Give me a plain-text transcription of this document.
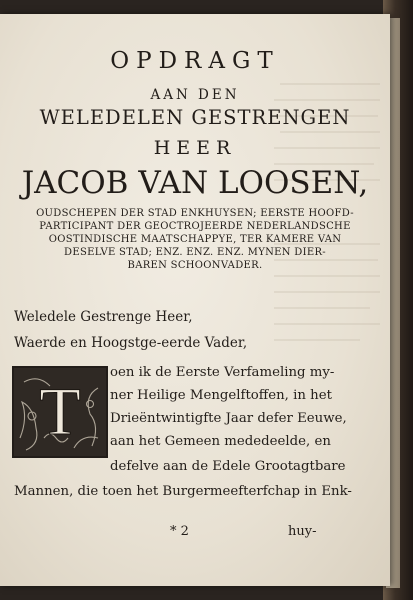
OPDRAGT
AAN DEN
WELEDELEN GESTRENGEN
HEER
JACOB VAN LOOSEN,
OUDSCHEPEN DER STAD ENKHUYSEN; EERSTE HOOFD-
PARTICIPANT DER GEOCTROJEERDE NEDERLANDSCHE
OOSTINDISCHE MAATSCHAPPYE, TER KAMERE VAN
DESELVE STAD; ENZ. ENZ. ENZ. MYNEN DIER-
BAREN SCHOONVADER.
Weledele Gestrenge Heer,
Waerde en Hoogstge-eerde Vader,
T
oen ik de Eerste Verfameling my-
ner Heilige Mengelftoffen, in het
Drieëntwintigfte Jaar defer Eeuwe,
aan het Gemeen mededeelde, en
defelve aan de Edele Grootagtbare
Mannen, die toen het Burgermeefterfchap in Enk-
* 2	huy-
